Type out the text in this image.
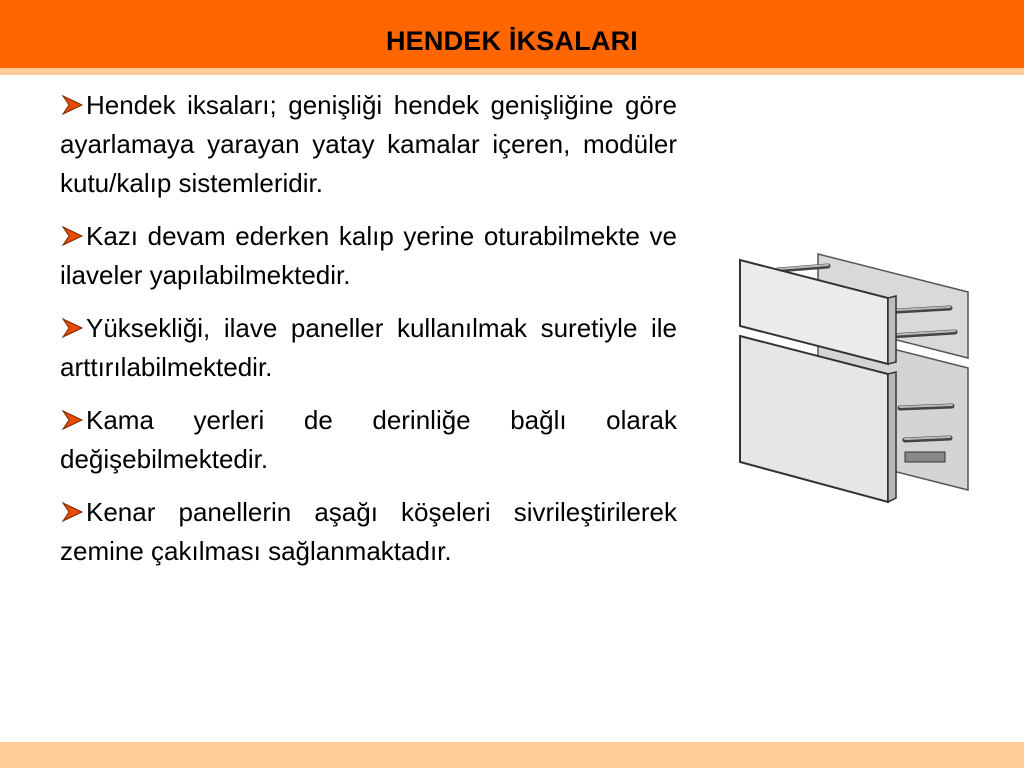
HENDEK İKSALARI
Hendek iksaları; genişliği hendek genişliğine göre ayarlamaya yarayan yatay kamalar içeren, modüler kutu/kalıp sistemleridir.
Kazı devam ederken kalıp yerine oturabilmekte ve ilaveler yapılabilmektedir.
Yüksekliği, ilave paneller kullanılmak suretiyle ile arttırılabilmektedir.
Kama yerleri de derinliğe bağlı olarak değişebilmektedir.
Kenar panellerin aşağı köşeleri sivrileştirilerek zemine çakılması sağlanmaktadır.
